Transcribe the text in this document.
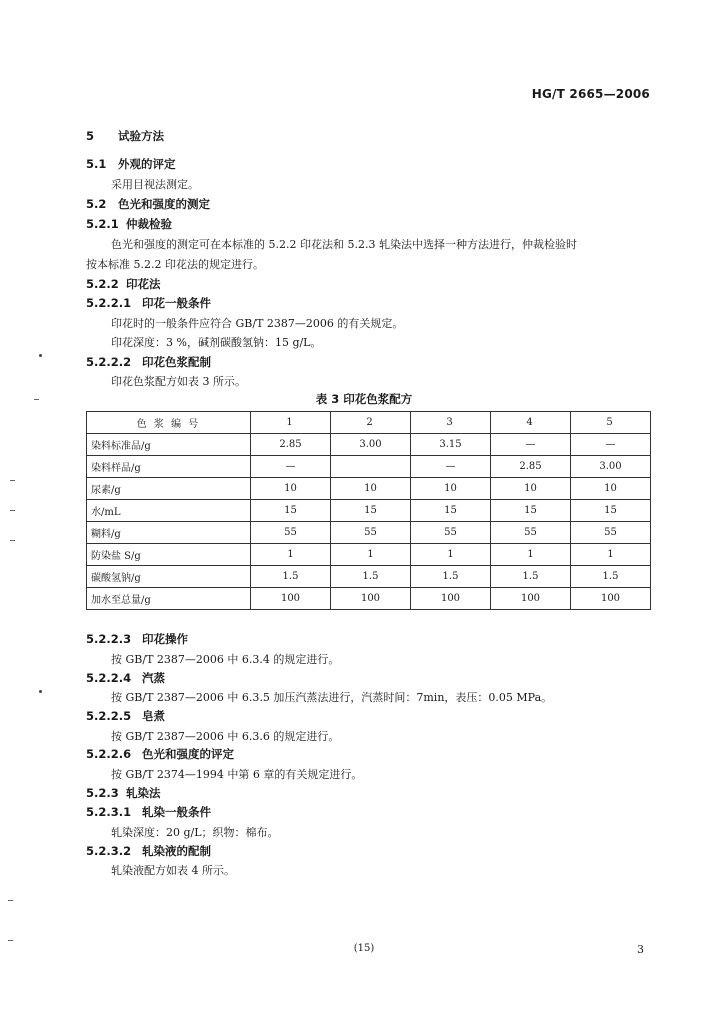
HG/T 2665—2006
5 试验方法
5.1 外观的评定
采用目视法测定。
5.2 色光和强度的测定
5.2.1 仲裁检验
色光和强度的测定可在本标准的 5.2.2 印花法和 5.2.3 轧染法中选择一种方法进行，仲裁检验时
按本标准 5.2.2 印花法的规定进行。
5.2.2 印花法
5.2.2.1 印花一般条件
印花时的一般条件应符合 GB/T 2387—2006 的有关规定。
印花深度：3 %，碱剂碳酸氢钠：15 g/L。
5.2.2.2 印花色浆配制
印花色浆配方如表 3 所示。
表 3 印花色浆配方
色 浆 编 号	1	2	3	4	5
染料标准品/g	2.85	3.00	3.15	—	—
染料样品/g	—		—	2.85	3.00
尿素/g	10	10	10	10	10
水/mL	15	15	15	15	15
糊料/g	55	55	55	55	55
防染盐 S/g	1	1	1	1	1
碳酸氢钠/g	1.5	1.5	1.5	1.5	1.5
加水至总量/g	100	100	100	100	100
5.2.2.3 印花操作
按 GB/T 2387—2006 中 6.3.4 的规定进行。
5.2.2.4 汽蒸
按 GB/T 2387—2006 中 6.3.5 加压汽蒸法进行，汽蒸时间：7min，表压：0.05 MPa。
5.2.2.5 皂煮
按 GB/T 2387—2006 中 6.3.6 的规定进行。
5.2.2.6 色光和强度的评定
按 GB/T 2374—1994 中第 6 章的有关规定进行。
5.2.3 轧染法
5.2.3.1 轧染一般条件
轧染深度：20 g/L；织物：棉布。
5.2.3.2 轧染液的配制
轧染液配方如表 4 所示。
(15)	3
